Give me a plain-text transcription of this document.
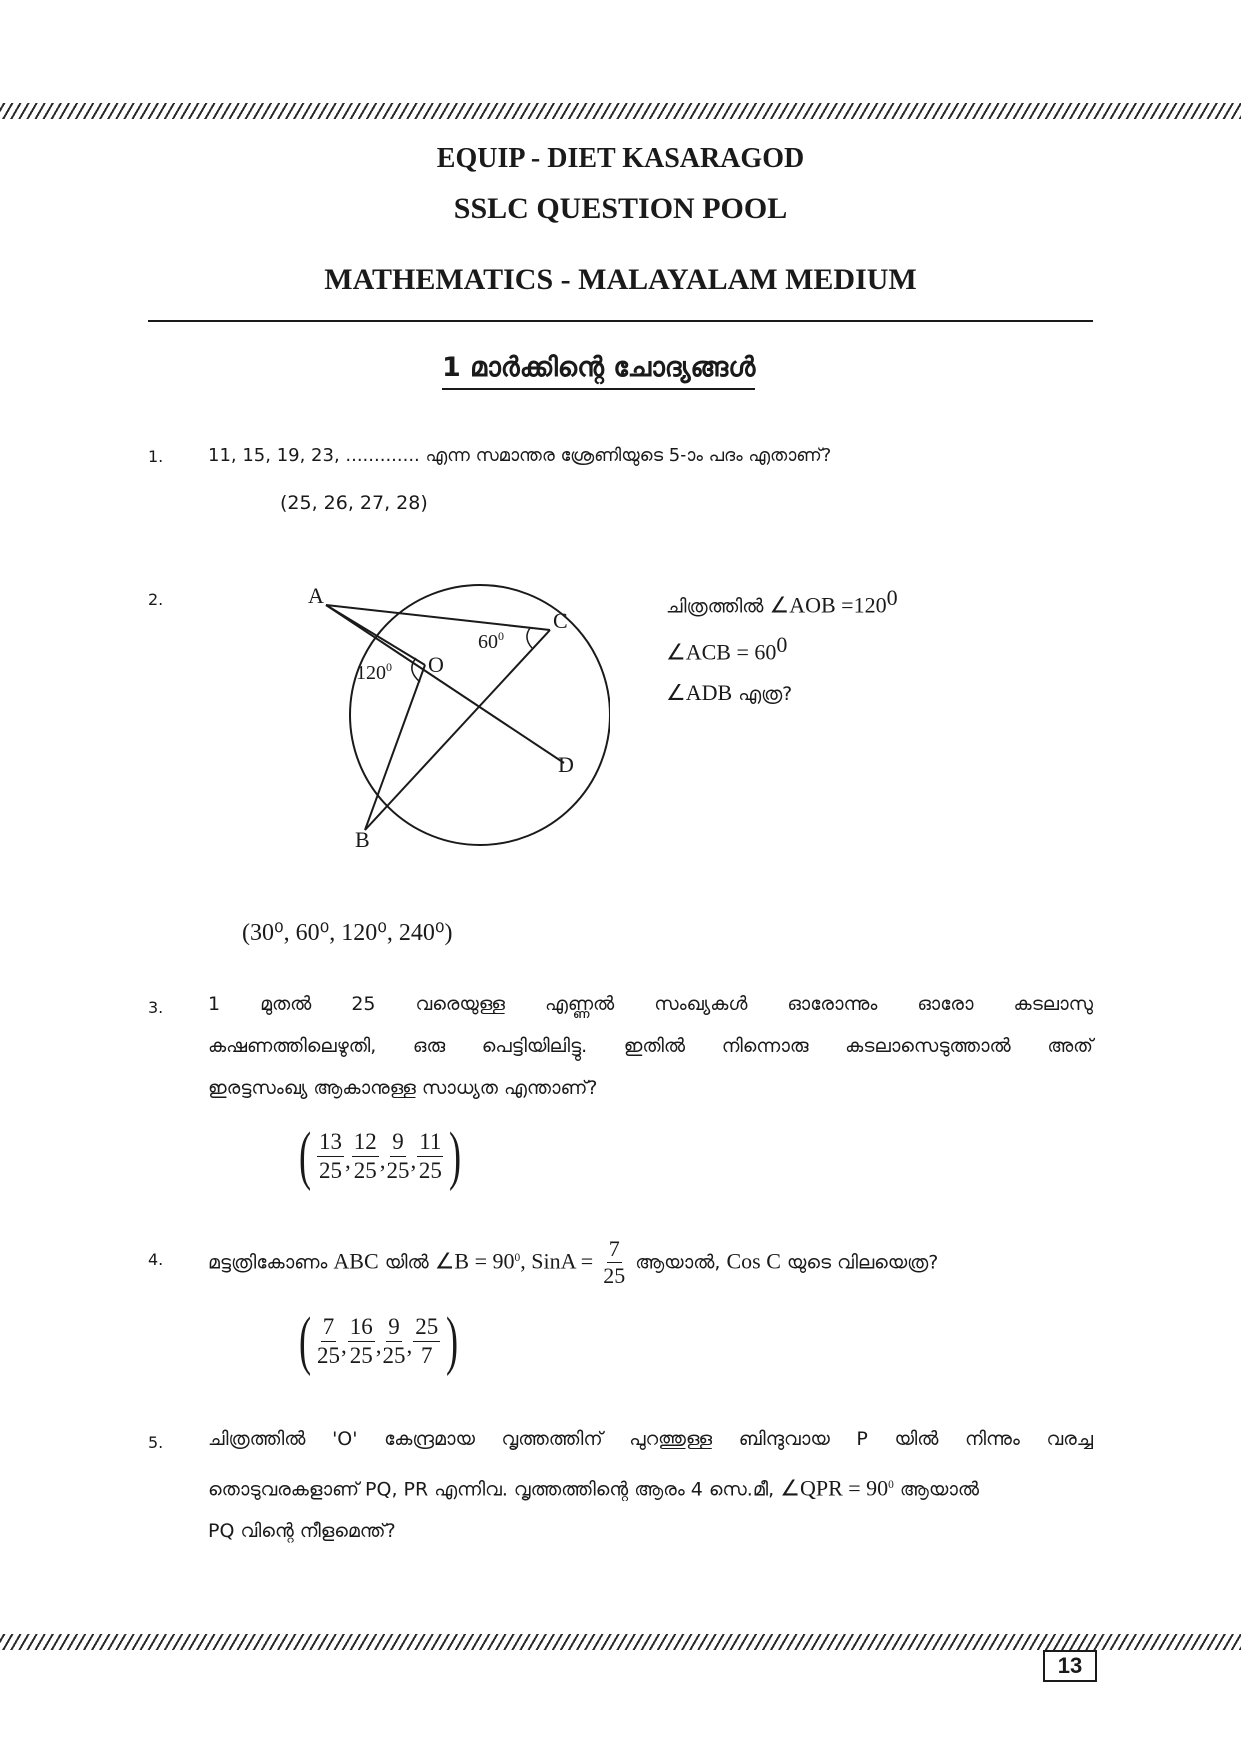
EQUIP - DIET KASARAGOD
SSLC QUESTION POOL
MATHEMATICS - MALAYALAM MEDIUM
1 മാർക്കിന്റെ ചോദ്യങ്ങൾ
1. 11, 15, 19, 23, ............. എന്ന സമാന്തര ശ്രേണിയുടെ 5-ാം പദം എതാണ്?
(25, 26, 27, 28)
2.	A
C
O
D
B
$60^0$
$120^0$
ചിത്രത്തിൽ ∠AOB $=120^0$
∠ACB = $60^0$
∠ADB എത്ര?
(30⁰, 60⁰, 120⁰, 240⁰)
3. 1 മുതൽ 25 വരെയുള്ള എണ്ണൽ സംഖ്യകൾ ഓരോന്നും ഓരോ കടലാസു
കഷണത്തിലെഴുതി, ഒരു പെട്ടിയിലിട്ടു. ഇതിൽ നിന്നൊരു കടലാസെടുത്താൽ അത്
ഇരട്ടസംഖ്യ ആകാനുള്ള സാധ്യത എന്താണ്?
( $\frac{13}{25}$ , $\frac{12}{25}$ , $\frac{9}{25}$ , $\frac{11}{25}$ )
4. മട്ടത്രികോണം ABC യിൽ ∠B = $90^0$, SinA = $\frac{7}{25}$ ആയാൽ, Cos C യുടെ വിലയെത്ര?
( $\frac{7}{25}$ , $\frac{16}{25}$ , $\frac{9}{25}$ , $\frac{25}{7}$ )
5. ചിത്രത്തിൽ 'O' കേന്ദ്രമായ വൃത്തത്തിന് പുറത്തുള്ള ബിന്ദുവായ P യിൽ നിന്നും വരച്ച
തൊടുവരകളാണ് PQ, PR എന്നിവ. വൃത്തത്തിന്റെ ആരം 4 സെ.മീ, ∠QPR = $90^0$ ആയാൽ
PQ വിന്റെ നീളമെന്ത്?
13
